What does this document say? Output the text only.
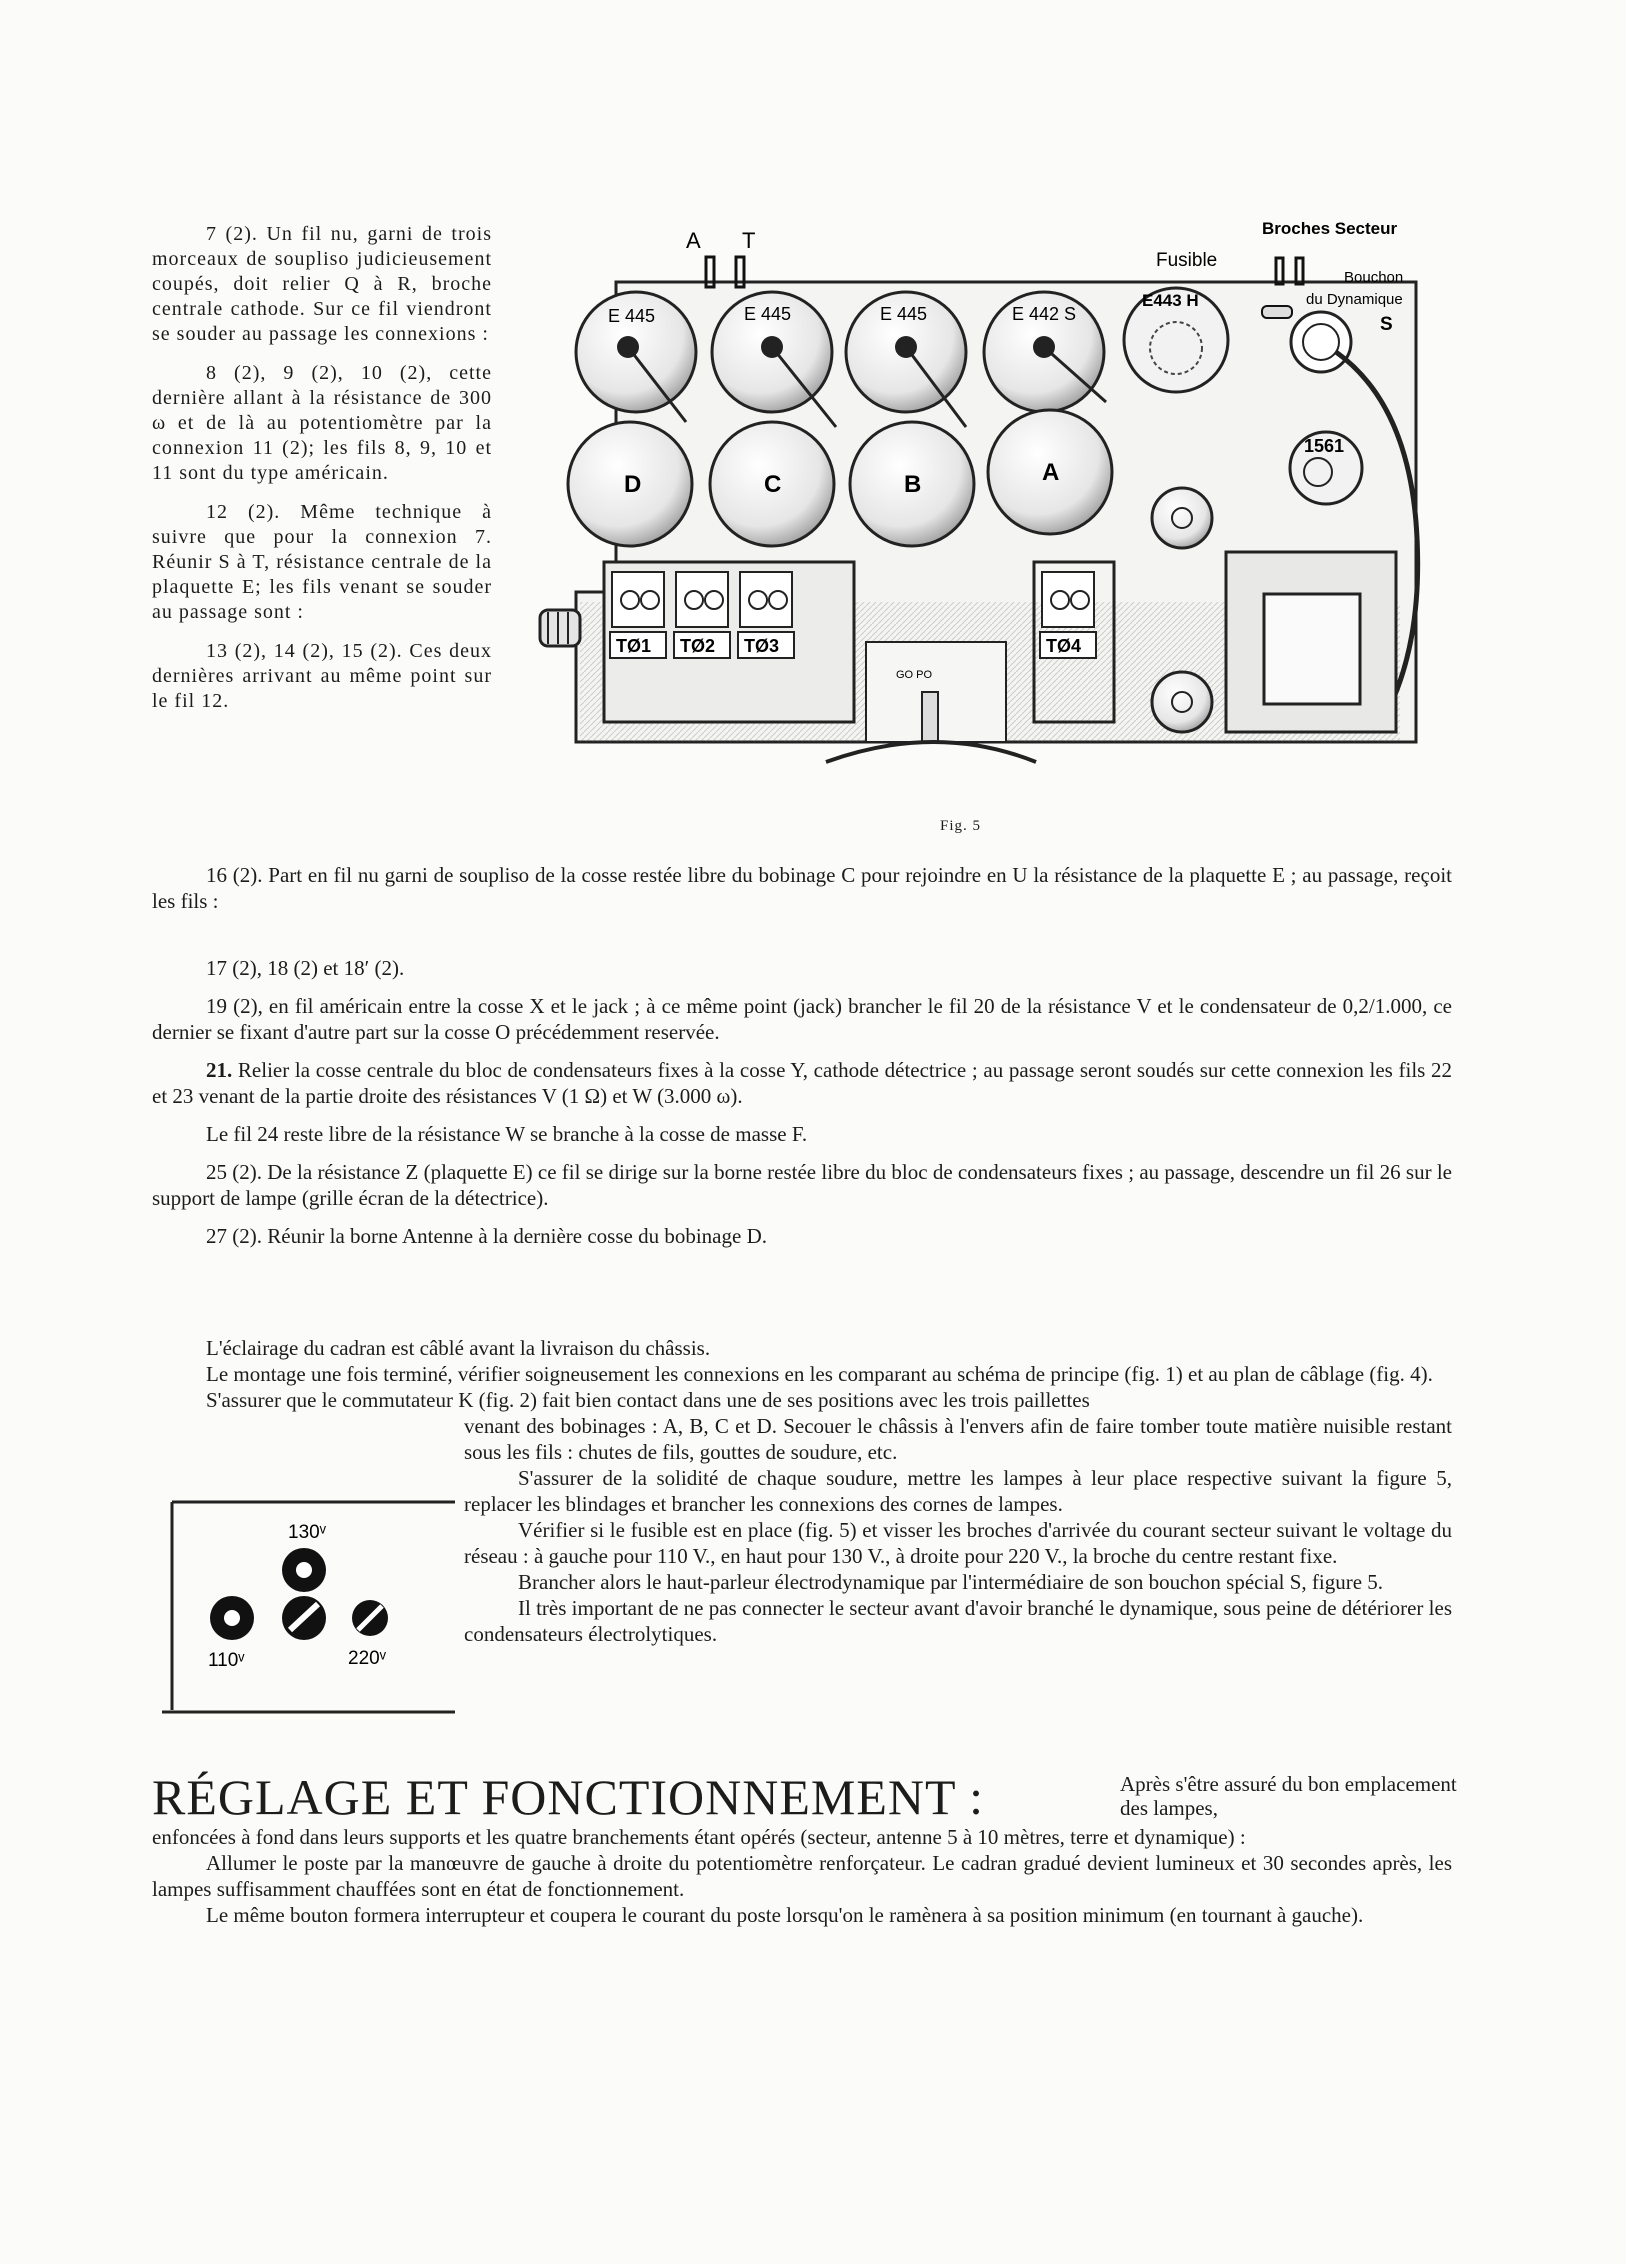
7 (2). Un fil nu, garni de trois morceaux de soupliso judicieusement coupés, doit relier Q à R, broche centrale cathode. Sur ce fil viendront se souder au passage les connexions :

8 (2), 9 (2), 10 (2), cette dernière allant à la résistance de 300 ω et de là au potentiomètre par la connexion 11 (2); les fils 8, 9, 10 et 11 sont du type américain.

12 (2). Même technique à suivre que pour la connexion 7. Réunir S à T, résistance centrale de la plaquette E; les fils venant se souder au passage sont :

13 (2), 14 (2), 15 (2). Ces deux dernières arrivant au même point sur le fil 12.

A T	Broches Secteur
Fusible
Bouchon
du Dynamique
S
E 445	E 445	E 445	E 442 S
E443 H
D	C	B	A
1561
TØ1 TØ2 TØ3	TØ4
GO PO
Fig. 5

16 (2). Part en fil nu garni de soupliso de la cosse restée libre du bobinage C pour rejoindre en U la résistance de la plaquette E ; au passage, reçoit les fils :

17 (2), 18 (2) et 18′ (2).

19 (2), en fil américain entre la cosse X et le jack ; à ce même point (jack) brancher le fil 20 de la résistance V et le condensateur de 0,2/1.000, ce dernier se fixant d'autre part sur la cosse O précédemment reservée.

21. Relier la cosse centrale du bloc de condensateurs fixes à la cosse Y, cathode détectrice ; au passage seront soudés sur cette connexion les fils 22 et 23 venant de la partie droite des résistances V (1 Ω) et W (3.000 ω).

Le fil 24 reste libre de la résistance W se branche à la cosse de masse F.

25 (2). De la résistance Z (plaquette E) ce fil se dirige sur la borne restée libre du bloc de condensateurs fixes ; au passage, descendre un fil 26 sur le support de lampe (grille écran de la détectrice).

27 (2). Réunir la borne Antenne à la dernière cosse du bobinage D.

L'éclairage du cadran est câblé avant la livraison du châssis.

Le montage une fois terminé, vérifier soigneusement les connexions en les comparant au schéma de principe (fig. 1) et au plan de câblage (fig. 4).

S'assurer que le commutateur K (fig. 2) fait bien contact dans une de ses positions avec les trois paillettes

venant des bobinages : A, B, C et D. Secouer le châssis à l'envers afin de faire tomber toute matière nuisible restant sous les fils : chutes de fils, gouttes de soudure, etc.

S'assurer de la solidité de chaque soudure, mettre les lampes à leur place respective suivant la figure 5, replacer les blindages et brancher les connexions des cornes de lampes.

Vérifier si le fusible est en place (fig. 5) et visser les broches d'arrivée du courant secteur suivant le voltage du réseau : à gauche pour 110 V., en haut pour 130 V., à droite pour 220 V., la broche du centre restant fixe.

Brancher alors le haut-parleur électrodynamique par l'intermédiaire de son bouchon spécial S, figure 5.

Il très important de ne pas connecter le secteur avant d'avoir branché le dynamique, sous peine de détériorer les condensateurs électrolytiques.

130ᵛ
110ᵛ	220ᵛ
RÉGLAGE ET FONCTIONNEMENT :	Après s'être assuré du bon emplacement des lampes,

enfoncées à fond dans leurs supports et les quatre branchements étant opérés (secteur, antenne 5 à 10 mètres, terre et dynamique) :

Allumer le poste par la manœuvre de gauche à droite du potentiomètre renforçateur. Le cadran gradué devient lumineux et 30 secondes après, les lampes suffisamment chauffées sont en état de fonctionnement.

Le même bouton formera interrupteur et coupera le courant du poste lorsqu'on le ramènera à sa position minimum (en tournant à gauche).
